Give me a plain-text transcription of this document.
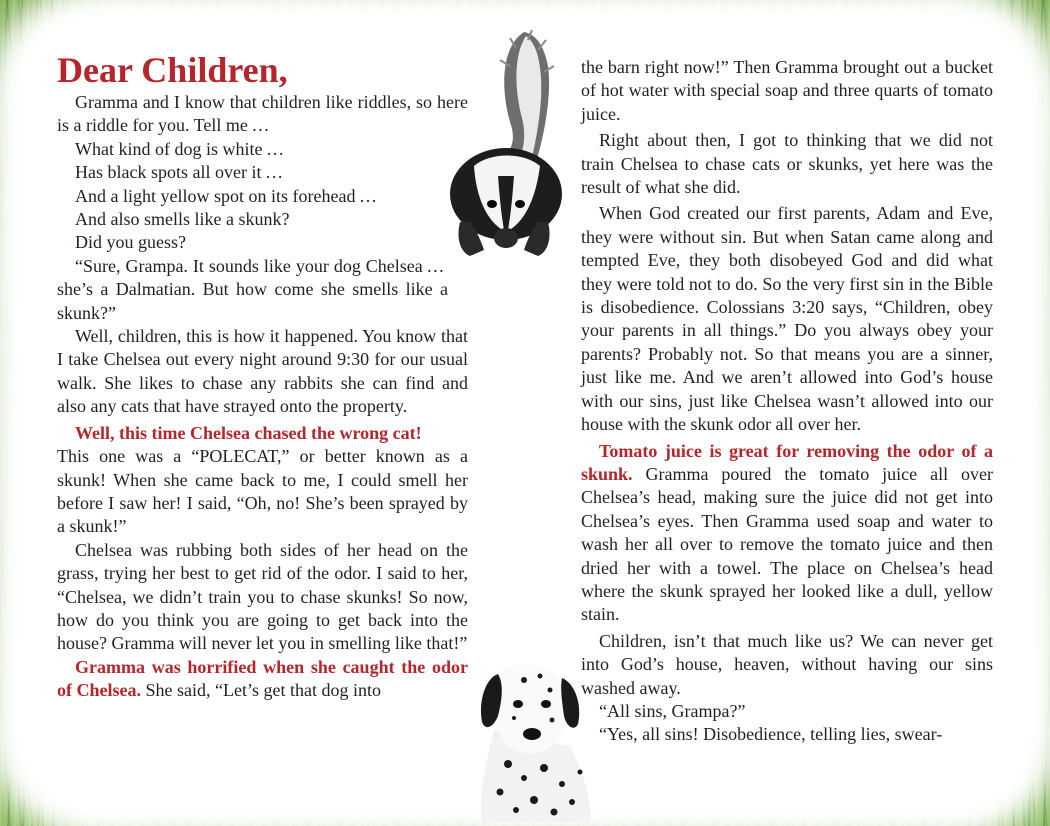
Dear Children,

Gramma and I know that children like riddles, so here is a riddle for you. Tell me …

What kind of dog is white …

Has black spots all over it …

And a light yellow spot on its forehead …

And also smells like a skunk?

Did you guess?

“Sure, Grampa. It sounds like your dog Chelsea … she’s a Dalmatian. But how come she smells like a skunk?”

Well, children, this is how it happened. You know that I take Chelsea out every night around 9:30 for our usual walk. She likes to chase any rabbits she can find and also any cats that have strayed onto the property.

Well, this time Chelsea chased the wrong cat!
This one was a “POLECAT,” or better known as a skunk! When she came back to me, I could smell her before I saw her! I said, “Oh, no! She’s been sprayed by a skunk!”

Chelsea was rubbing both sides of her head on the grass, trying her best to get rid of the odor. I said to her, “Chelsea, we didn’t train you to chase skunks! So now, how do you think you are going to get back into the house? Gramma will never let you in smelling like that!”

Gramma was horrified when she caught the odor of Chelsea. She said, “Let’s get that dog into

the barn right now!” Then Gramma brought out a bucket of hot water with special soap and three quarts of tomato juice.

Right about then, I got to thinking that we did not train Chelsea to chase cats or skunks, yet here was the result of what she did.

When God created our first parents, Adam and Eve, they were without sin. But when Satan came along and tempted Eve, they both disobeyed God and did what they were told not to do. So the very first sin in the Bible is disobedience. Colossians 3:20 says, “Children, obey your parents in all things.” Do you always obey your parents? Probably not. So that means you are a sinner, just like me. And we aren’t allowed into God’s house with our sins, just like Chelsea wasn’t allowed into our house with the skunk odor all over her.

Tomato juice is great for removing the odor of a skunk. Gramma poured the tomato juice all over Chelsea’s head, making sure the juice did not get into Chelsea’s eyes. Then Gramma used soap and water to wash her all over to remove the tomato juice and then dried her with a towel. The place on Chelsea’s head where the skunk sprayed her looked like a dull, yellow stain.

Children, isn’t that much like us? We can never get into God’s house, heaven, without having our sins washed away.

“All sins, Grampa?”

“Yes, all sins! Disobedience, telling lies, swear-
